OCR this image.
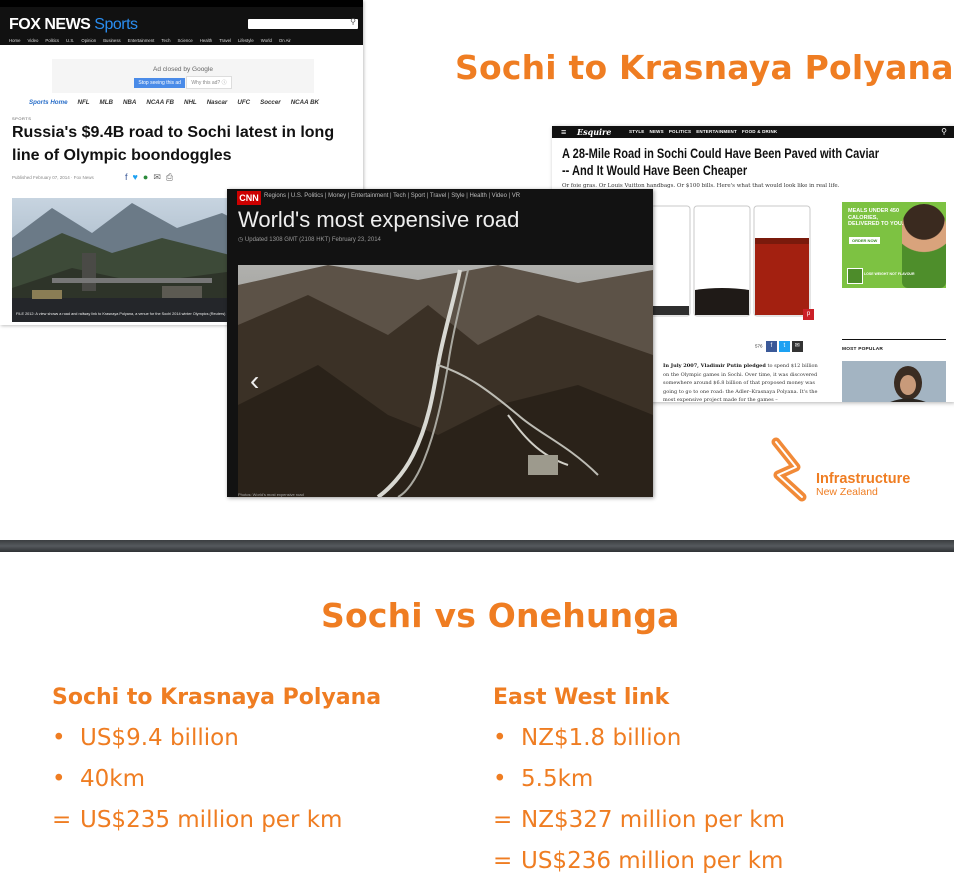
Sochi to Krasnaya Polyana
FOX NEWS Sports	⚲
Home Video Politics U.S. Opinion Business Entertainment Tech Science Health Travel Lifestyle World On Air
Ad closed by Google
Stop seeing this ad Why this ad? ⓘ
Sports Home NFL MLB NBA NCAA FB NHL Nascar UFC Soccer NCAA BK
SPORTS
Russia's $9.4B road to Sochi latest in long line of Olympic boondoggles
Published February 07, 2014 · Fox News	f ♥ ● ✉ ⎙
FILE 2012: A view shows a road and railway link to Krasnaya Polyana, a venue for the Sochi 2014 winter Olympics (Reuters)
≡ Esquire	STYLE NEWS POLITICS ENTERTAINMENT FOOD & DRINK	⚲
A 28-Mile Road in Sochi Could Have Been Paved with Caviar -- And It Would Have Been Cheaper
Or foie gras. Or Louis Vuitton handbags. Or $100 bills. Here's what that would look like in real life.
p
576 f t ✉
In July 2007, Vladimir Putin pledged to spend $12 billion on the Olympic games in Sochi. Over time, it was discovered somewhere around $6.8 billion of that proposed money was going to go to one road: the Adler–Krasnaya Polyana. It's the most expensive project made for the games –
MEALS UNDER 450 CALORIES, DELIVERED TO YOU.
ORDER NOW
LOSE WEIGHT NOT FLAVOUR
MOST POPULAR
CNN Regions | U.S. Politics | Money | Entertainment | Tech | Sport | Travel | Style | Health | Video | VR
World's most expensive road
◷ Updated 1308 GMT (2108 HKT) February 23, 2014
‹
Photos: World's most expensive road
Infrastructure
New Zealand
Sochi vs Onehunga
Sochi to Krasnaya Polyana
• US$9.4 billion
• 40km
= US$235 million per km
East West link
• NZ$1.8 billion
• 5.5km
= NZ$327 million per km
= US$236 million per km
